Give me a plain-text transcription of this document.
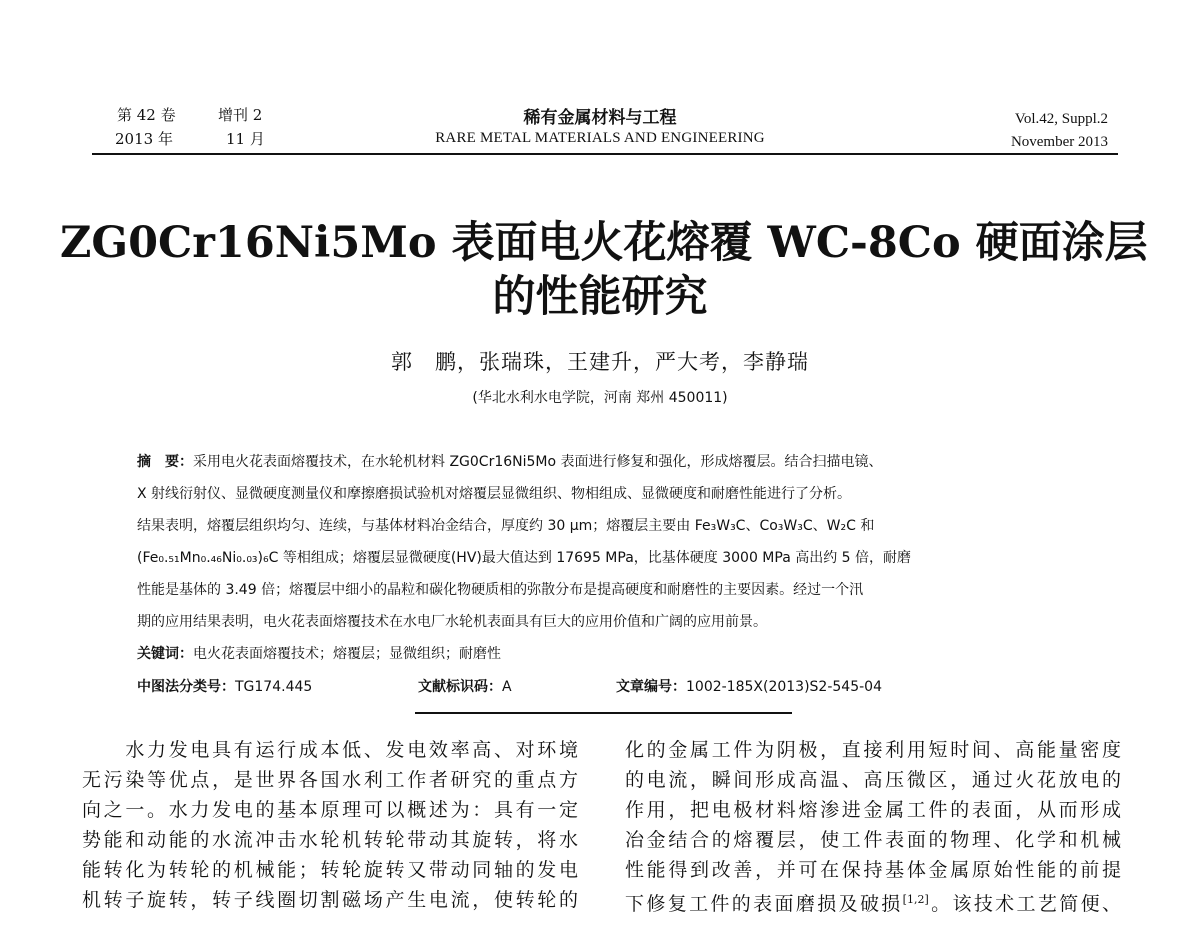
第 42 卷	增刊 2
2013 年	11 月
稀有金属材料与工程
RARE METAL MATERIALS AND ENGINEERING
Vol.42, Suppl.2
November 2013
ZG0Cr16Ni5Mo 表面电火花熔覆 WC-8Co 硬面涂层
的性能研究
郭　鹏，张瑞珠，王建升，严大考，李静瑞
(华北水利水电学院，河南 郑州 450011)
摘　要：采用电火花表面熔覆技术，在水轮机材料 ZG0Cr16Ni5Mo 表面进行修复和强化，形成熔覆层。结合扫描电镜、
X 射线衍射仪、显微硬度测量仪和摩擦磨损试验机对熔覆层显微组织、物相组成、显微硬度和耐磨性能进行了分析。
结果表明，熔覆层组织均匀、连续，与基体材料冶金结合，厚度约 30 μm；熔覆层主要由 Fe₃W₃C、Co₃W₃C、W₂C 和
(Fe₀.₅₁Mn₀.₄₆Ni₀.₀₃)₆C 等相组成；熔覆层显微硬度(HV)最大值达到 17695 MPa，比基体硬度 3000 MPa 高出约 5 倍，耐磨
性能是基体的 3.49 倍；熔覆层中细小的晶粒和碳化物硬质相的弥散分布是提高硬度和耐磨性的主要因素。经过一个汛
期的应用结果表明，电火花表面熔覆技术在水电厂水轮机表面具有巨大的应用价值和广阔的应用前景。
关键词：电火花表面熔覆技术；熔覆层；显微组织；耐磨性
中图法分类号：TG174.445	文献标识码：A	文章编号：1002-185X(2013)S2-545-04
　　水力发电具有运行成本低、发电效率高、对环境
无污染等优点，是世界各国水利工作者研究的重点方
向之一。水力发电的基本原理可以概述为：具有一定
势能和动能的水流冲击水轮机转轮带动其旋转，将水
能转化为转轮的机械能；转轮旋转又带动同轴的发电
机转子旋转，转子线圈切割磁场产生电流，使转轮的
化的金属工件为阴极，直接利用短时间、高能量密度
的电流，瞬间形成高温、高压微区，通过火花放电的
作用，把电极材料熔渗进金属工件的表面，从而形成
冶金结合的熔覆层，使工件表面的物理、化学和机械
性能得到改善，并可在保持基体金属原始性能的前提
下修复工件的表面磨损及破损[1,2]。该技术工艺简便、
